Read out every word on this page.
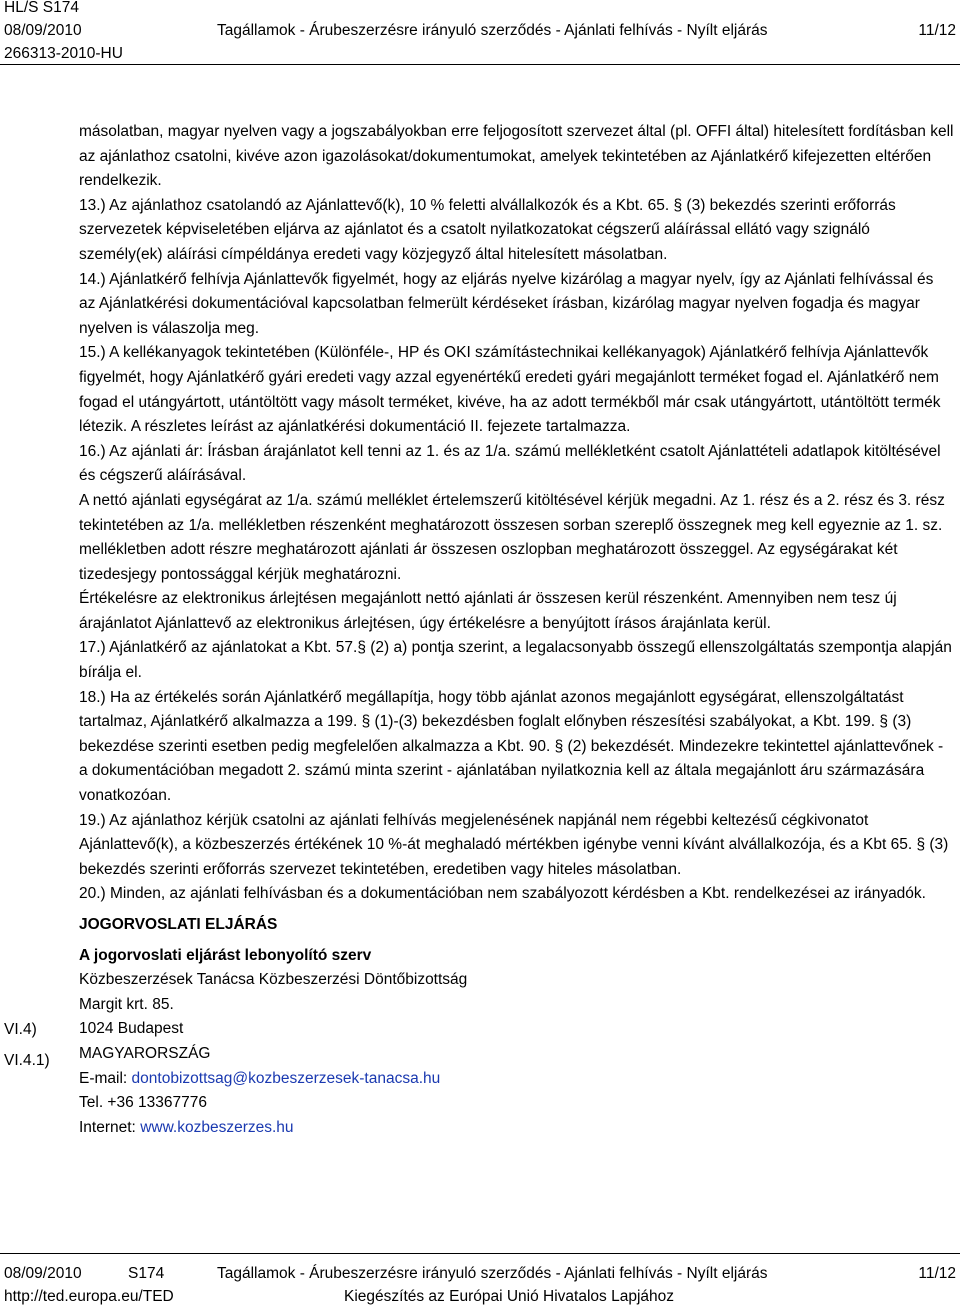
HL/S S174
08/09/2010
266313-2010-HU
Tagállamok - Árubeszerzésre irányuló szerződés - Ajánlati felhívás - Nyílt eljárás	11/12

másolatban, magyar nyelven vagy a jogszabályokban erre feljogosított szervezet által (pl. OFFI által) hitelesített fordításban kell az ajánlathoz csatolni, kivéve azon igazolásokat/dokumentumokat, amelyek tekintetében az Ajánlatkérő kifejezetten eltérően rendelkezik.

13.) Az ajánlathoz csatolandó az Ajánlattevő(k), 10 % feletti alvállalkozók és a Kbt. 65. § (3) bekezdés szerinti erőforrás szervezetek képviseletében eljárva az ajánlatot és a csatolt nyilatkozatokat cégszerű aláírással ellátó vagy szignáló személy(ek) aláírási címpéldánya eredeti vagy közjegyző által hitelesített másolatban.

14.) Ajánlatkérő felhívja Ajánlattevők figyelmét, hogy az eljárás nyelve kizárólag a magyar nyelv, így az Ajánlati felhívással és az Ajánlatkérési dokumentációval kapcsolatban felmerült kérdéseket írásban, kizárólag magyar nyelven fogadja és magyar nyelven is válaszolja meg.

15.) A kellékanyagok tekintetében (Különféle-, HP és OKI számítástechnikai kellékanyagok) Ajánlatkérő felhívja Ajánlattevők figyelmét, hogy Ajánlatkérő gyári eredeti vagy azzal egyenértékű eredeti gyári megajánlott terméket fogad el. Ajánlatkérő nem fogad el utángyártott, utántöltött vagy másolt terméket, kivéve, ha az adott termékből már csak utángyártott, utántöltött termék létezik. A részletes leírást az ajánlatkérési dokumentáció II. fejezete tartalmazza.

16.) Az ajánlati ár: Írásban árajánlatot kell tenni az 1. és az 1/a. számú mellékletként csatolt Ajánlattételi adatlapok kitöltésével és cégszerű aláírásával.

A nettó ajánlati egységárat az 1/a. számú melléklet értelemszerű kitöltésével kérjük megadni. Az 1. rész és a 2. rész és 3. rész tekintetében az 1/a. mellékletben részenként meghatározott összesen sorban szereplő összegnek meg kell egyeznie az 1. sz. mellékletben adott részre meghatározott ajánlati ár összesen oszlopban meghatározott összeggel. Az egységárakat két tizedesjegy pontossággal kérjük meghatározni.

Értékelésre az elektronikus árlejtésen megajánlott nettó ajánlati ár összesen kerül részenként. Amennyiben nem tesz új árajánlatot Ajánlattevő az elektronikus árlejtésen, úgy értékelésre a benyújtott írásos árajánlata kerül.

17.) Ajánlatkérő az ajánlatokat a Kbt. 57.§ (2) a) pontja szerint, a legalacsonyabb összegű ellenszolgáltatás szempontja alapján bírálja el.

18.) Ha az értékelés során Ajánlatkérő megállapítja, hogy több ajánlat azonos megajánlott egységárat, ellenszolgáltatást tartalmaz, Ajánlatkérő alkalmazza a 199. § (1)-(3) bekezdésben foglalt előnyben részesítési szabályokat, a Kbt. 199. § (3) bekezdése szerinti esetben pedig megfelelően alkalmazza a Kbt. 90. § (2) bekezdését. Mindezekre tekintettel ajánlattevőnek - a dokumentációban megadott 2. számú minta szerint - ajánlatában nyilatkoznia kell az általa megajánlott áru származására vonatkozóan.

19.) Az ajánlathoz kérjük csatolni az ajánlati felhívás megjelenésének napjánál nem régebbi keltezésű cégkivonatot Ajánlattevő(k), a közbeszerzés értékének 10 %-át meghaladó mértékben igénybe venni kívánt alvállalkozója, és a Kbt 65. § (3) bekezdés szerinti erőforrás szervezet tekintetében, eredetiben vagy hiteles másolatban.

20.) Minden, az ajánlati felhívásban és a dokumentációban nem szabályozott kérdésben a Kbt. rendelkezései az irányadók.

JOGORVOSLATI ELJÁRÁS

A jogorvoslati eljárást lebonyolító szerv

Közbeszerzések Tanácsa Közbeszerzési Döntőbizottság

Margit krt. 85.

1024 Budapest

MAGYARORSZÁG

E-mail: dontobizottsag@kozbeszerzesek-tanacsa.hu

Tel. +36 13367776

Internet: www.kozbeszerzes.hu

VI.4)
VI.4.1)
08/09/2010	S174	Tagállamok - Árubeszerzésre irányuló szerződés - Ajánlati felhívás - Nyílt eljárás	11/12
http://ted.europa.eu/TED	Kiegészítés az Európai Unió Hivatalos Lapjához
